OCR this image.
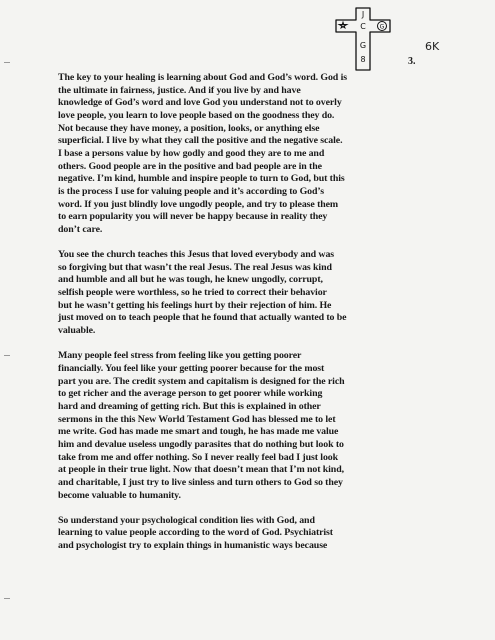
J
C
G
8
G
6K
3.
The key to your healing is learning about God and God’s word. God is
the ultimate in fairness, justice. And if you live by and have
knowledge of God’s word and love God you understand not to overly
love people, you learn to love people based on the goodness they do.
Not because they have money, a position, looks, or anything else
superficial. I live by what they call the positive and the negative scale.
I base a persons value by how godly and good they are to me and
others. Good people are in the positive and bad people are in the
negative. I’m kind, humble and inspire people to turn to God, but this
is the process I use for valuing people and it’s according to God’s
word. If you just blindly love ungodly people, and try to please them
to earn popularity you will never be happy because in reality they
don’t care.
You see the church teaches this Jesus that loved everybody and was
so forgiving but that wasn’t the real Jesus. The real Jesus was kind
and humble and all but he was tough, he knew ungodly, corrupt,
selfish people were worthless, so he tried to correct their behavior
but he wasn’t getting his feelings hurt by their rejection of him. He
just moved on to teach people that he found that actually wanted to be
valuable.
Many people feel stress from feeling like you getting poorer
financially. You feel like your getting poorer because for the most
part you are. The credit system and capitalism is designed for the rich
to get richer and the average person to get poorer while working
hard and dreaming of getting rich. But this is explained in other
sermons in the this New World Testament God has blessed me to let
me write. God has made me smart and tough, he has made me value
him and devalue useless ungodly parasites that do nothing but look to
take from me and offer nothing. So I never really feel bad I just look
at people in their true light. Now that doesn’t mean that I’m not kind,
and charitable, I just try to live sinless and turn others to God so they
become valuable to humanity.
So understand your psychological condition lies with God, and
learning to value people according to the word of God. Psychiatrist
and psychologist try to explain things in humanistic ways because
